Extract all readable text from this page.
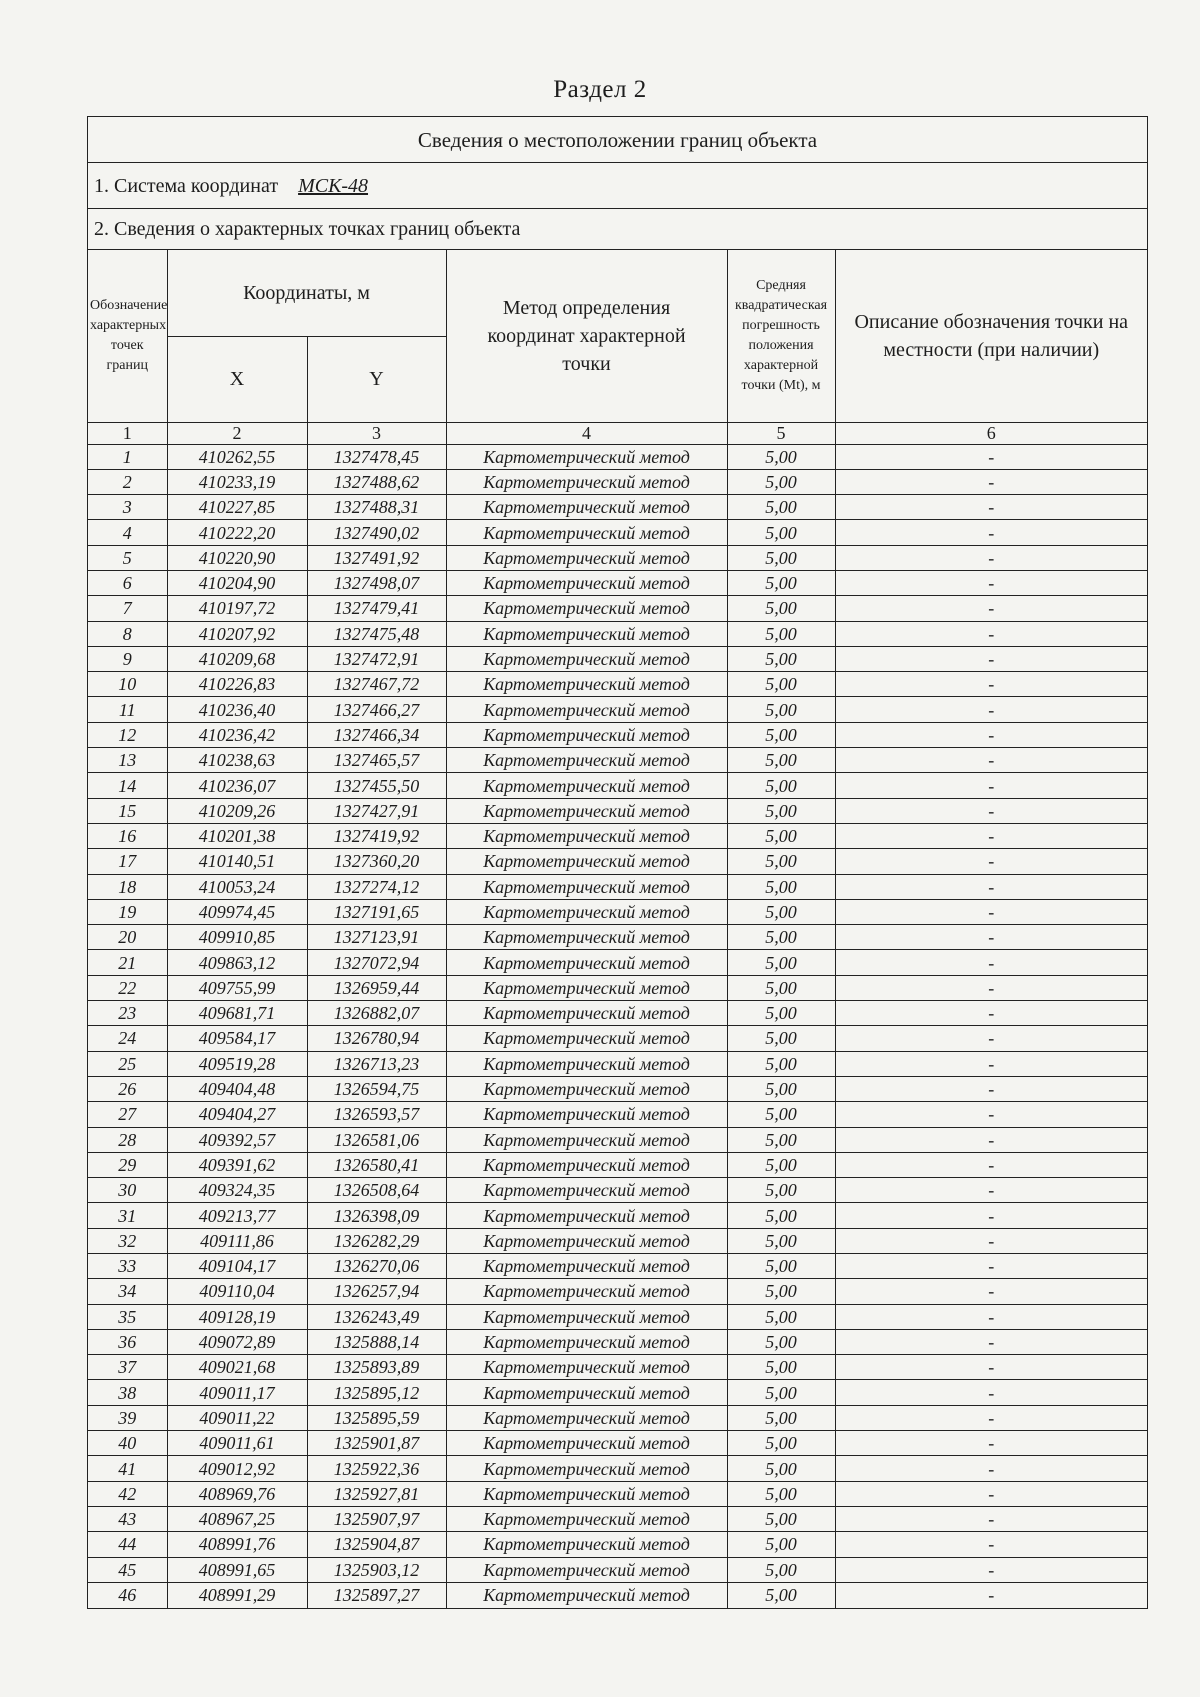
Раздел 2
Сведения о местоположении границ объекта
1. Система координат МСК-48
2. Сведения о характерных точках границ объекта
Обозначение характерных точек границ	Координаты, м		Метод определения координат характерной точки	Средняя квадратическая погрешность положения характерной точки (Mt), м	Описание обозначения точки на местности (при наличии)
	X	Y			
1	2	3	4	5	6
1	410262,55	1327478,45	Картометрический метод	5,00	-
2	410233,19	1327488,62	Картометрический метод	5,00	-
3	410227,85	1327488,31	Картометрический метод	5,00	-
4	410222,20	1327490,02	Картометрический метод	5,00	-
5	410220,90	1327491,92	Картометрический метод	5,00	-
6	410204,90	1327498,07	Картометрический метод	5,00	-
7	410197,72	1327479,41	Картометрический метод	5,00	-
8	410207,92	1327475,48	Картометрический метод	5,00	-
9	410209,68	1327472,91	Картометрический метод	5,00	-
10	410226,83	1327467,72	Картометрический метод	5,00	-
11	410236,40	1327466,27	Картометрический метод	5,00	-
12	410236,42	1327466,34	Картометрический метод	5,00	-
13	410238,63	1327465,57	Картометрический метод	5,00	-
14	410236,07	1327455,50	Картометрический метод	5,00	-
15	410209,26	1327427,91	Картометрический метод	5,00	-
16	410201,38	1327419,92	Картометрический метод	5,00	-
17	410140,51	1327360,20	Картометрический метод	5,00	-
18	410053,24	1327274,12	Картометрический метод	5,00	-
19	409974,45	1327191,65	Картометрический метод	5,00	-
20	409910,85	1327123,91	Картометрический метод	5,00	-
21	409863,12	1327072,94	Картометрический метод	5,00	-
22	409755,99	1326959,44	Картометрический метод	5,00	-
23	409681,71	1326882,07	Картометрический метод	5,00	-
24	409584,17	1326780,94	Картометрический метод	5,00	-
25	409519,28	1326713,23	Картометрический метод	5,00	-
26	409404,48	1326594,75	Картометрический метод	5,00	-
27	409404,27	1326593,57	Картометрический метод	5,00	-
28	409392,57	1326581,06	Картометрический метод	5,00	-
29	409391,62	1326580,41	Картометрический метод	5,00	-
30	409324,35	1326508,64	Картометрический метод	5,00	-
31	409213,77	1326398,09	Картометрический метод	5,00	-
32	409111,86	1326282,29	Картометрический метод	5,00	-
33	409104,17	1326270,06	Картометрический метод	5,00	-
34	409110,04	1326257,94	Картометрический метод	5,00	-
35	409128,19	1326243,49	Картометрический метод	5,00	-
36	409072,89	1325888,14	Картометрический метод	5,00	-
37	409021,68	1325893,89	Картометрический метод	5,00	-
38	409011,17	1325895,12	Картометрический метод	5,00	-
39	409011,22	1325895,59	Картометрический метод	5,00	-
40	409011,61	1325901,87	Картометрический метод	5,00	-
41	409012,92	1325922,36	Картометрический метод	5,00	-
42	408969,76	1325927,81	Картометрический метод	5,00	-
43	408967,25	1325907,97	Картометрический метод	5,00	-
44	408991,76	1325904,87	Картометрический метод	5,00	-
45	408991,65	1325903,12	Картометрический метод	5,00	-
46	408991,29	1325897,27	Картометрический метод	5,00	-
